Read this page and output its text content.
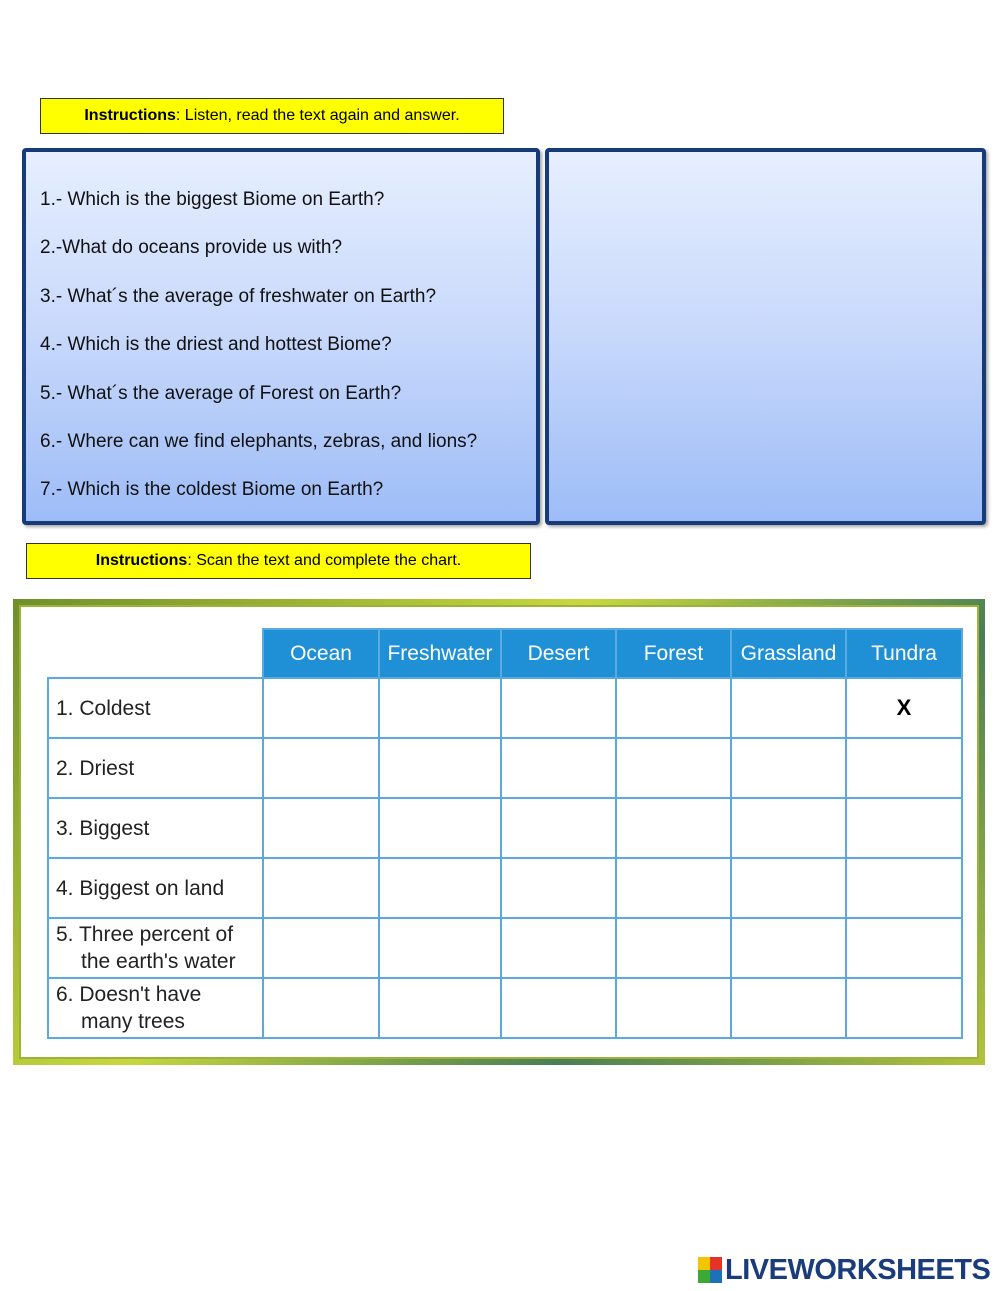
Instructions: Listen, read the text again and answer.
1.- Which is the biggest Biome on Earth?
2.-What do oceans provide us with?
3.- What´s the average of freshwater on Earth?
4.- Which is the driest and hottest Biome?
5.- What´s the average of Forest on Earth?
6.- Where can we find elephants, zebras, and lions?
7.- Which is the coldest Biome on Earth?
Instructions: Scan the text and complete the chart.
	Ocean	Freshwater	Desert	Forest	Grassland	Tundra
1. Coldest						X
2. Driest						
3. Biggest						
4. Biggest on land						

5. Three percent of
the earth's water						

6. Doesn't have
many trees						

LIVEWORKSHEETS
